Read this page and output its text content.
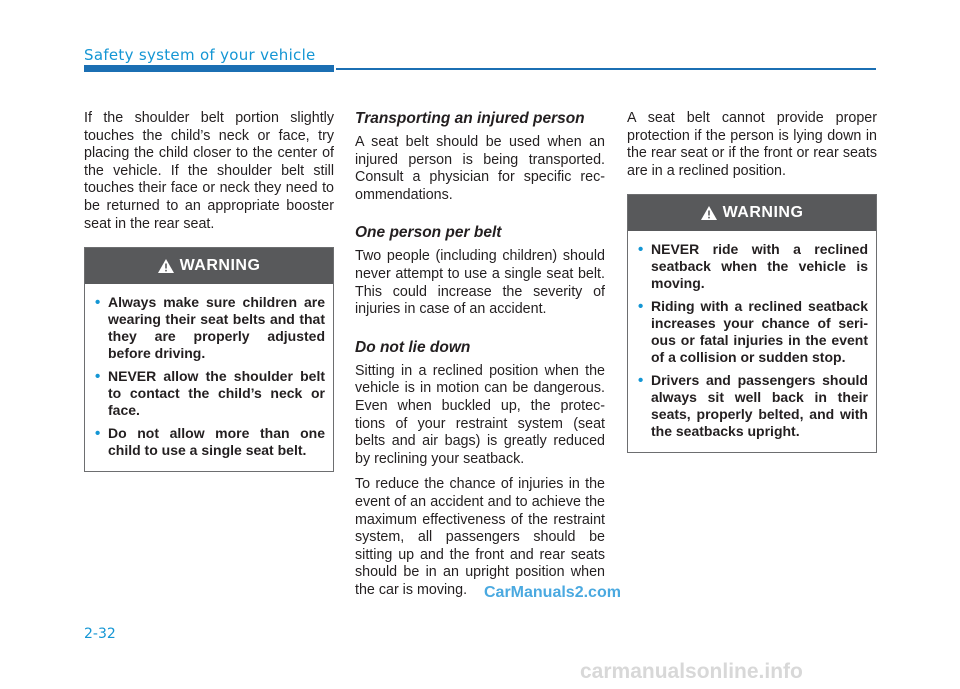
Safety system of your vehicle

If the shoulder belt portion slightly touches the child’s neck or face, try placing the child closer to the center of the vehicle. If the shoulder belt still touches their face or neck they need to be returned to an appropriate booster seat in the rear seat.

WARNING
• Always make sure children are wearing their seat belts and that they are properly adjusted before driving.
• NEVER allow the shoulder belt to contact the child’s neck or face.
• Do not allow more than one child to use a single seat belt.
Transporting an injured person

A seat belt should be used when an injured person is being transported. Consult a physician for specific rec- ommendations.

One person per belt

Two people (including children) should never attempt to use a single seat belt. This could increase the severity of injuries in case of an accident.

Do not lie down

Sitting in a reclined position when the vehicle is in motion can be dangerous. Even when buckled up, the protec- tions of your restraint system (seat belts and air bags) is greatly reduced by reclining your seatback.

To reduce the chance of injuries in the event of an accident and to achieve the maximum effectiveness of the restraint system, all passengers should be sitting up and the front and rear seats should be in an upright position when the car is moving.

A seat belt cannot provide proper protection if the person is lying down in the rear seat or if the front or rear seats are in a reclined position.

WARNING
• NEVER ride with a reclined seatback when the vehicle is moving.
• Riding with a reclined seatback increases your chance of seri- ous or fatal injuries in the event of a collision or sudden stop.
• Drivers and passengers should always sit well back in their seats, properly belted, and with the seatbacks upright.
CarManuals2.com
2-32
carmanualsonline.info
